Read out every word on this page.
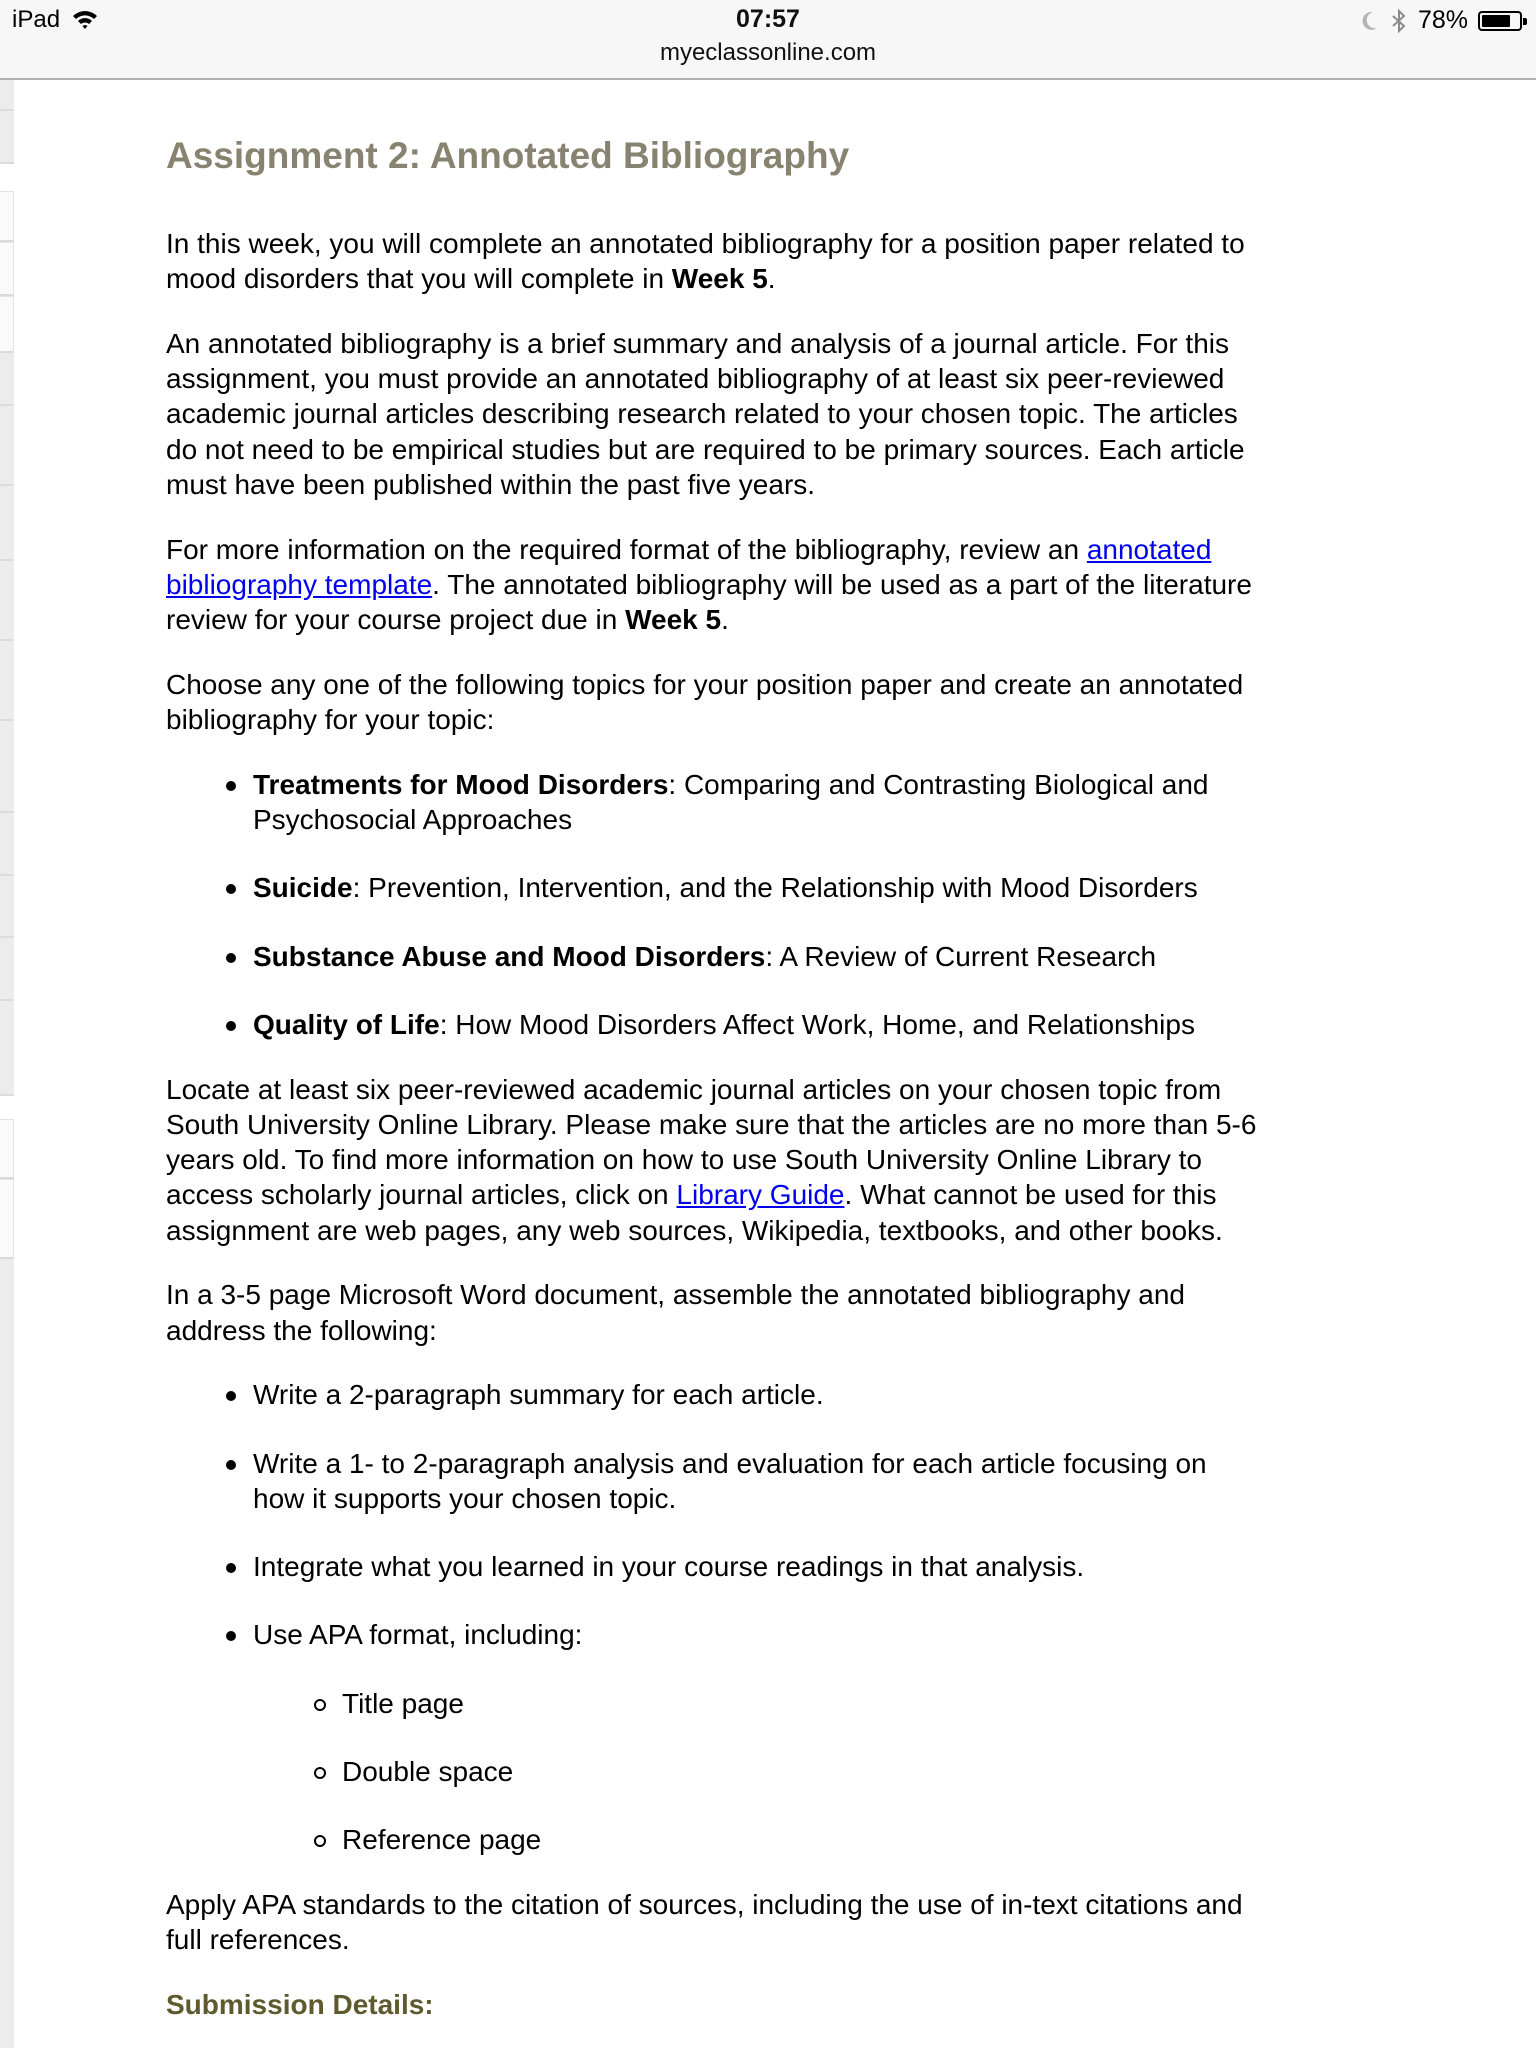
iPad	07:57
myeclassonline.com
78%
Assignment 2: Annotated Bibliography

In this week, you will complete an annotated bibliography for a position paper related to mood disorders that you will complete in Week 5.

An annotated bibliography is a brief summary and analysis of a journal article. For this assignment, you must provide an annotated bibliography of at least six peer-reviewed academic journal articles describing research related to your chosen topic. The articles do not need to be empirical studies but are required to be primary sources. Each article must have been published within the past five years.

For more information on the required format of the bibliography, review an annotated bibliography template. The annotated bibliography will be used as a part of the literature review for your course project due in Week 5.

Choose any one of the following topics for your position paper and create an annotated bibliography for your topic:

Treatments for Mood Disorders: Comparing and Contrasting Biological and Psychosocial Approaches
Suicide: Prevention, Intervention, and the Relationship with Mood Disorders
Substance Abuse and Mood Disorders: A Review of Current Research
Quality of Life: How Mood Disorders Affect Work, Home, and Relationships

Locate at least six peer-reviewed academic journal articles on your chosen topic from South University Online Library. Please make sure that the articles are no more than 5-6 years old. To find more information on how to use South University Online Library to access scholarly journal articles, click on Library Guide. What cannot be used for this assignment are web pages, any web sources, Wikipedia, textbooks, and other books.

In a 3-5 page Microsoft Word document, assemble the annotated bibliography and address the following:

Write a 2-paragraph summary for each article.
Write a 1- to 2-paragraph analysis and evaluation for each article focusing on how it supports your chosen topic.
Integrate what you learned in your course readings in that analysis.
Use APA format, including:
Title page
Double space
Reference page

Apply APA standards to the citation of sources, including the use of in-text citations and full references.

Submission Details:
